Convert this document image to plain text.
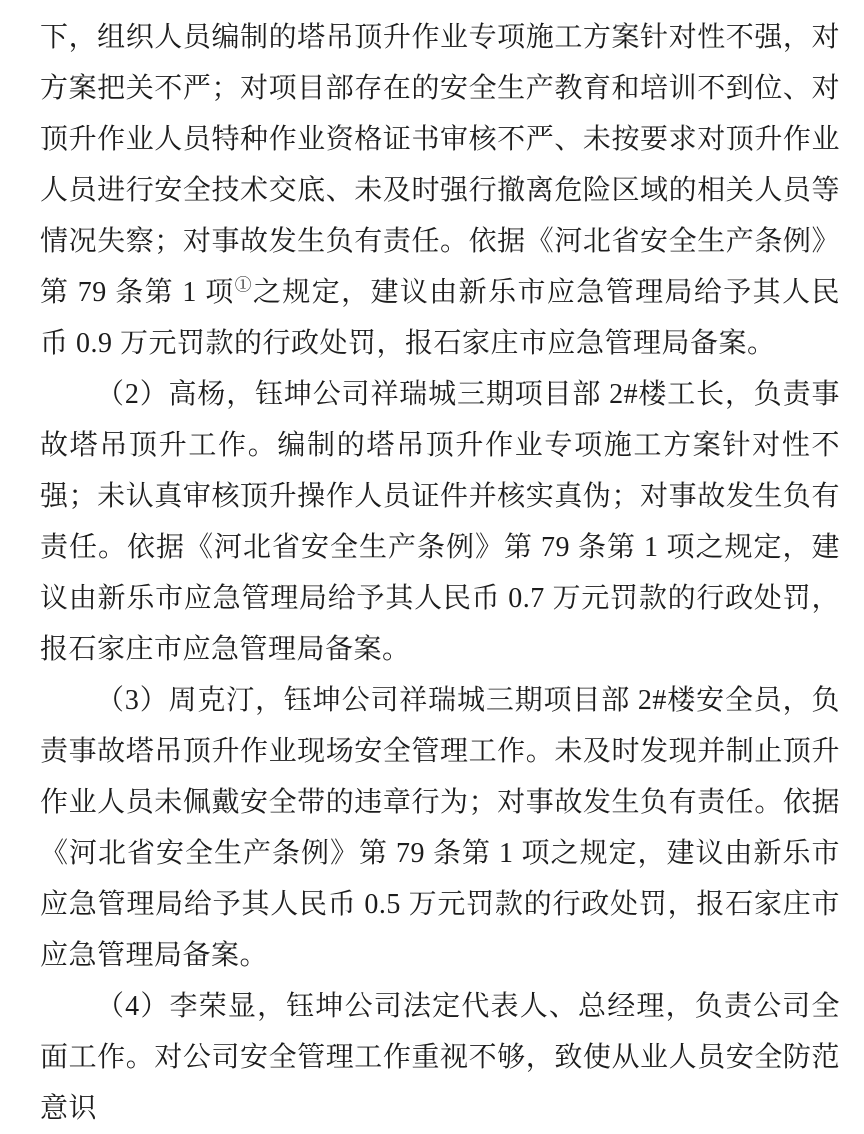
下，组织人员编制的塔吊顶升作业专项施工方案针对性不强，对方案把关不严；对项目部存在的安全生产教育和培训不到位、对顶升作业人员特种作业资格证书审核不严、未按要求对顶升作业人员进行安全技术交底、未及时强行撤离危险区域的相关人员等情况失察；对事故发生负有责任。依据《河北省安全生产条例》第 79 条第 1 项①之规定，建议由新乐市应急管理局给予其人民币 0.9 万元罚款的行政处罚，报石家庄市应急管理局备案。

（2）高杨，钰坤公司祥瑞城三期项目部 2#楼工长，负责事故塔吊顶升工作。编制的塔吊顶升作业专项施工方案针对性不强；未认真审核顶升操作人员证件并核实真伪；对事故发生负有责任。依据《河北省安全生产条例》第 79 条第 1 项之规定，建议由新乐市应急管理局给予其人民币 0.7 万元罚款的行政处罚，报石家庄市应急管理局备案。

（3）周克汀，钰坤公司祥瑞城三期项目部 2#楼安全员，负责事故塔吊顶升作业现场安全管理工作。未及时发现并制止顶升作业人员未佩戴安全带的违章行为；对事故发生负有责任。依据《河北省安全生产条例》第 79 条第 1 项之规定，建议由新乐市应急管理局给予其人民币 0.5 万元罚款的行政处罚，报石家庄市应急管理局备案。

（4）李荣显，钰坤公司法定代表人、总经理，负责公司全面工作。对公司安全管理工作重视不够，致使从业人员安全防范意识
